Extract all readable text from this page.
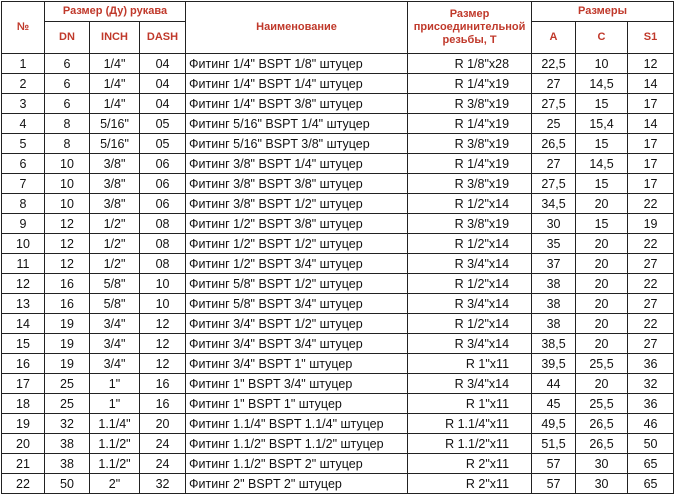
№	Размер (Ду) рукава			Наименование	Размер присоединительной резьбы, Т	Размеры		
	DN	INCH	DASH			A	C	S1
1	6	1/4"	04	Фитинг 1/4" BSPT 1/8" штуцер	R 1/8"x28	22,5	10	12
2	6	1/4"	04	Фитинг 1/4" BSPT 1/4" штуцер	R 1/4"x19	27	14,5	14
3	6	1/4"	04	Фитинг 1/4" BSPT 3/8" штуцер	R 3/8"x19	27,5	15	17
4	8	5/16"	05	Фитинг 5/16" BSPT 1/4" штуцер	R 1/4"x19	25	15,4	14
5	8	5/16"	05	Фитинг 5/16" BSPT 3/8" штуцер	R 3/8"x19	26,5	15	17
6	10	3/8"	06	Фитинг 3/8" BSPT 1/4" штуцер	R 1/4"x19	27	14,5	17
7	10	3/8"	06	Фитинг 3/8" BSPT 3/8" штуцер	R 3/8"x19	27,5	15	17
8	10	3/8"	06	Фитинг 3/8" BSPT 1/2" штуцер	R 1/2"x14	34,5	20	22
9	12	1/2"	08	Фитинг 1/2" BSPT 3/8" штуцер	R 3/8"x19	30	15	19
10	12	1/2"	08	Фитинг 1/2" BSPT 1/2" штуцер	R 1/2"x14	35	20	22
11	12	1/2"	08	Фитинг 1/2" BSPT 3/4" штуцер	R 3/4"x14	37	20	27
12	16	5/8"	10	Фитинг 5/8" BSPT 1/2" штуцер	R 1/2"x14	38	20	22
13	16	5/8"	10	Фитинг 5/8" BSPT 3/4" штуцер	R 3/4"x14	38	20	27
14	19	3/4"	12	Фитинг 3/4" BSPT 1/2" штуцер	R 1/2"x14	38	20	22
15	19	3/4"	12	Фитинг 3/4" BSPT 3/4" штуцер	R 3/4"x14	38,5	20	27
16	19	3/4"	12	Фитинг 3/4" BSPT 1" штуцер	R 1"x11	39,5	25,5	36
17	25	1"	16	Фитинг 1" BSPT 3/4" штуцер	R 3/4"x14	44	20	32
18	25	1"	16	Фитинг 1" BSPT 1" штуцер	R 1"x11	45	25,5	36
19	32	1.1/4"	20	Фитинг 1.1/4" BSPT 1.1/4" штуцер	R 1.1/4"x11	49,5	26,5	46
20	38	1.1/2"	24	Фитинг 1.1/2" BSPT 1.1/2" штуцер	R 1.1/2"x11	51,5	26,5	50
21	38	1.1/2"	24	Фитинг 1.1/2" BSPT 2" штуцер	R 2"x11	57	30	65
22	50	2"	32	Фитинг 2" BSPT 2" штуцер	R 2"x11	57	30	65
